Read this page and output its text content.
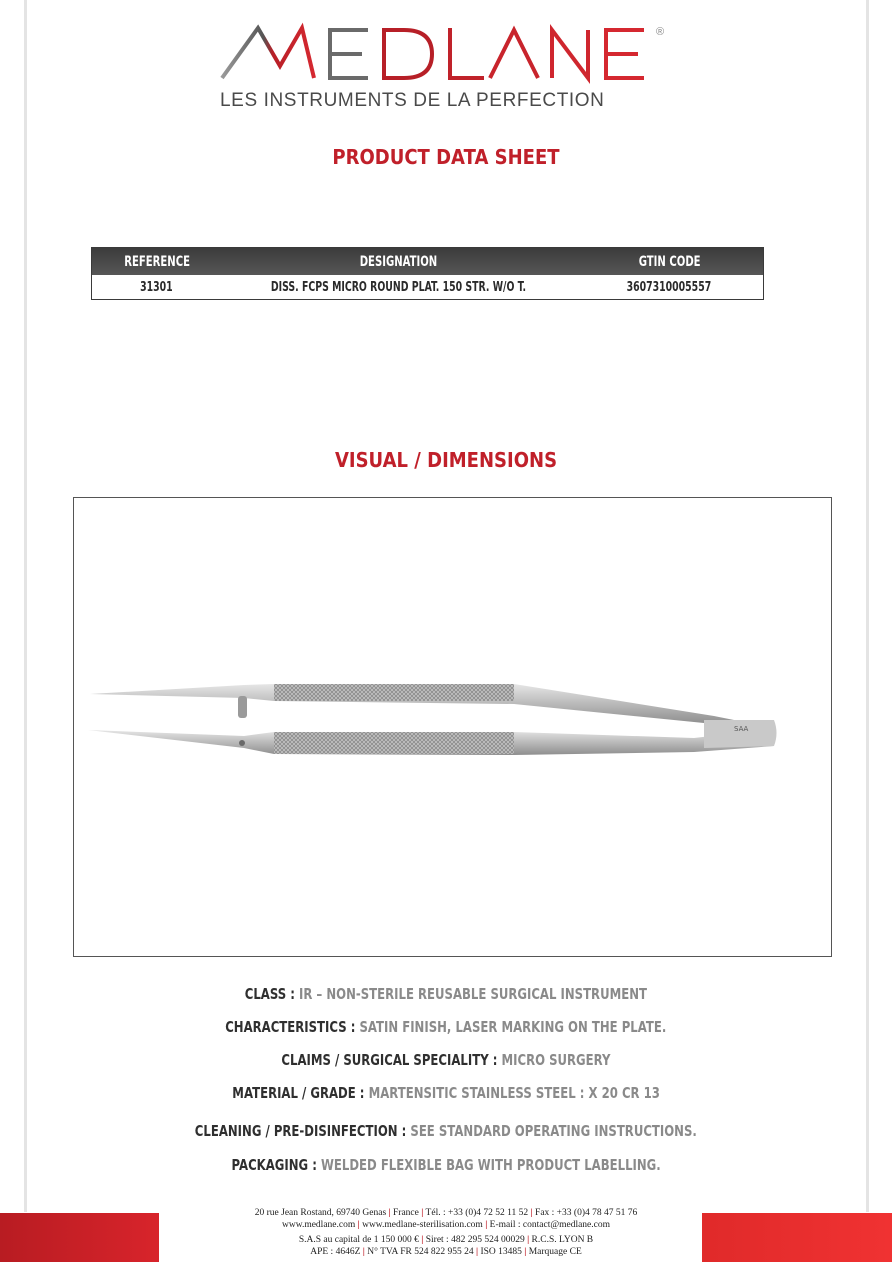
®
LES INSTRUMENTS DE LA PERFECTION
PRODUCT DATA SHEET
REFERENCE	DESIGNATION	GTIN CODE
31301	DISS. FCPS MICRO ROUND PLAT. 150 STR. W/O T.	3607310005557
VISUAL / DIMENSIONS
SAA
CLASS : IR – NON-STERILE REUSABLE SURGICAL INSTRUMENT
CHARACTERISTICS : SATIN FINISH, LASER MARKING ON THE PLATE.
CLAIMS / SURGICAL SPECIALITY : MICRO SURGERY
MATERIAL / GRADE : MARTENSITIC STAINLESS STEEL : X 20 CR 13
CLEANING / PRE-DISINFECTION : SEE STANDARD OPERATING INSTRUCTIONS.
PACKAGING : WELDED FLEXIBLE BAG WITH PRODUCT LABELLING.
20 rue Jean Rostand, 69740 Genas | France | Tél. : +33 (0)4 72 52 11 52 | Fax : +33 (0)4 78 47 51 76
www.medlane.com | www.medlane-sterilisation.com | E-mail : contact@medlane.com
S.A.S au capital de 1 150 000 € | Siret : 482 295 524 00029 | R.C.S. LYON B
APE : 4646Z | N° TVA FR 524 822 955 24 | ISO 13485 | Marquage CE
